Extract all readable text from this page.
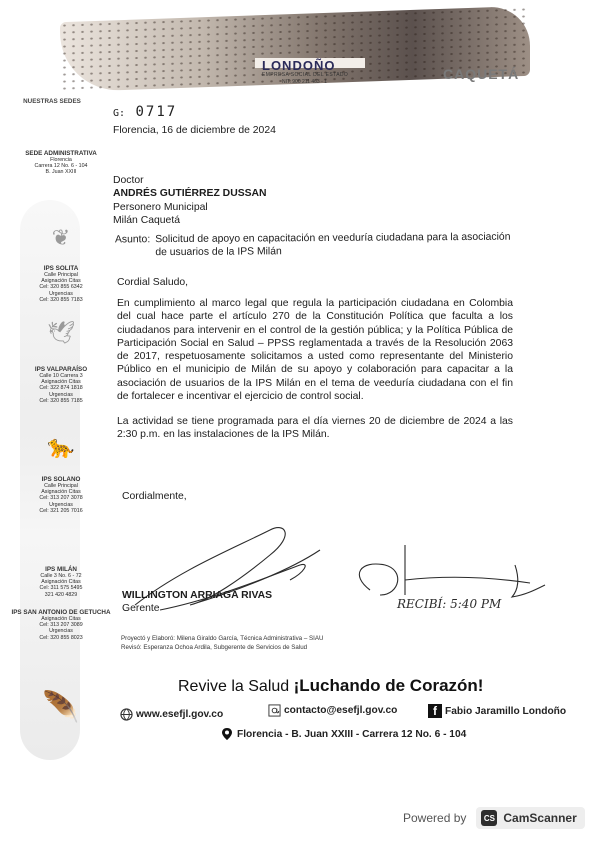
LONDOÑO
EMPRESA SOCIAL DEL ESTADO
NIT. 900 211 463 - 1	CAQUETÁ
NUESTRAS SEDES
SEDE ADMINISTRATIVA
Florencia
Carrera 12 No. 6 - 104
B. Juan XXIII
❦
IPS SOLITA
Calle Principal
Asignación Citas
Cel: 320 855 6342
Urgencias
Cel: 320 855 7183
🕊
IPS VALPARAÍSO
Calle 10 Carrera 3
Asignación Citas
Cel: 322 874 1818
Urgencias
Cel: 320 855 7185
🐆
IPS SOLANO
Calle Principal
Asignación Citas
Cel: 313 207 3078
Urgencias
Cel: 321 205 7016
IPS MILÁN
Calle 3 No. 6 - 72
Asignación Citas
Cel: 311 575 5495
321 420 4829
IPS SAN ANTONIO DE GETUCHA
Asignación Citas
Cel: 313 207 3089
Urgencias
Cel: 320 855 8023
🪶
G: 0717
Florencia, 16 de diciembre de 2024
Doctor
ANDRÉS GUTIÉRREZ DUSSAN
Personero Municipal
Milán Caquetá
Asunto: Solicitud de apoyo en capacitación en veeduría ciudadana para la asociación de usuarios de la IPS Milán
Cordial Saludo,
En cumplimiento al marco legal que regula la participación ciudadana en Colombia del cual hace parte el artículo 270 de la Constitución Política que faculta a los ciudadanos para intervenir en el control de la gestión pública; y la Política Pública de Participación Social en Salud – PPSS reglamentada a través de la Resolución 2063 de 2017, respetuosamente solicitamos a usted como representante del Ministerio Público en el municipio de Milán de su apoyo y colaboración para capacitar a la asociación de usuarios de la IPS Milán en el tema de veeduría ciudadana con el fin de fortalecer e incentivar el ejercicio de control social.
La actividad se tiene programada para el día viernes 20 de diciembre de 2024 a las 2:30 p.m. en las instalaciones de la IPS Milán.
Cordialmente,
RECIBÍ: 5:40 PM
WILLINGTON ARRIAGA RIVAS
Gerente
Proyectó y Elaboró: Milena Giraldo García, Técnica Administrativa – SIAU
Revisó: Esperanza Ochoa Ardila, Subgerente de Servicios de Salud
Revive la Salud ¡Luchando de Corazón!
www.esefjl.gov.co	contacto@esefjl.gov.co	f Fabio Jaramillo Londoño
Florencia - B. Juan XXIII - Carrera 12 No. 6 - 104
Powered by	CS CamScanner
